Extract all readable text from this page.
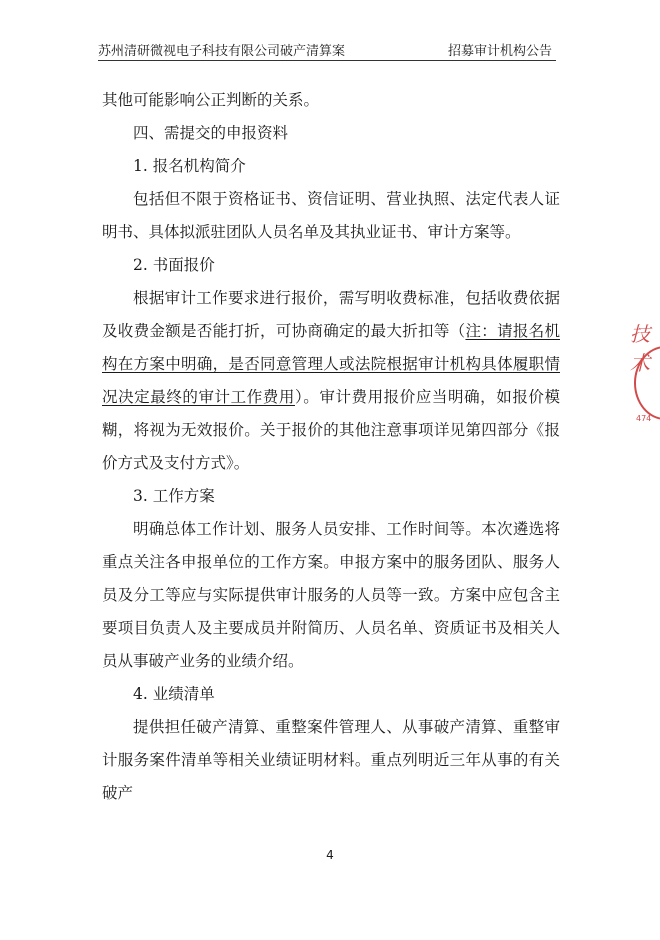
苏州清研微视电子科技有限公司破产清算案	招募审计机构公告

其他可能影响公正判断的关系。

四、需提交的申报资料

1. 报名机构简介

包括但不限于资格证书、资信证明、营业执照、法定代表人证明书、具体拟派驻团队人员名单及其执业证书、审计方案等。

2. 书面报价

根据审计工作要求进行报价，需写明收费标准，包括收费依据及收费金额是否能打折，可协商确定的最大折扣等（注：请报名机构在方案中明确，是否同意管理人或法院根据审计机构具体履职情况决定最终的审计工作费用）。审计费用报价应当明确，如报价模糊，将视为无效报价。关于报价的其他注意事项详见第四部分《报价方式及支付方式》。

3. 工作方案

明确总体工作计划、服务人员安排、工作时间等。本次遴选将重点关注各申报单位的工作方案。申报方案中的服务团队、服务人员及分工等应与实际提供审计服务的人员等一致。方案中应包含主要项目负责人及主要成员并附简历、人员名单、资质证书及相关人员从事破产业务的业绩介绍。

4. 业绩清单

提供担任破产清算、重整案件管理人、从事破产清算、重整审计服务案件清单等相关业绩证明材料。重点列明近三年从事的有关破产

4
技术
474
